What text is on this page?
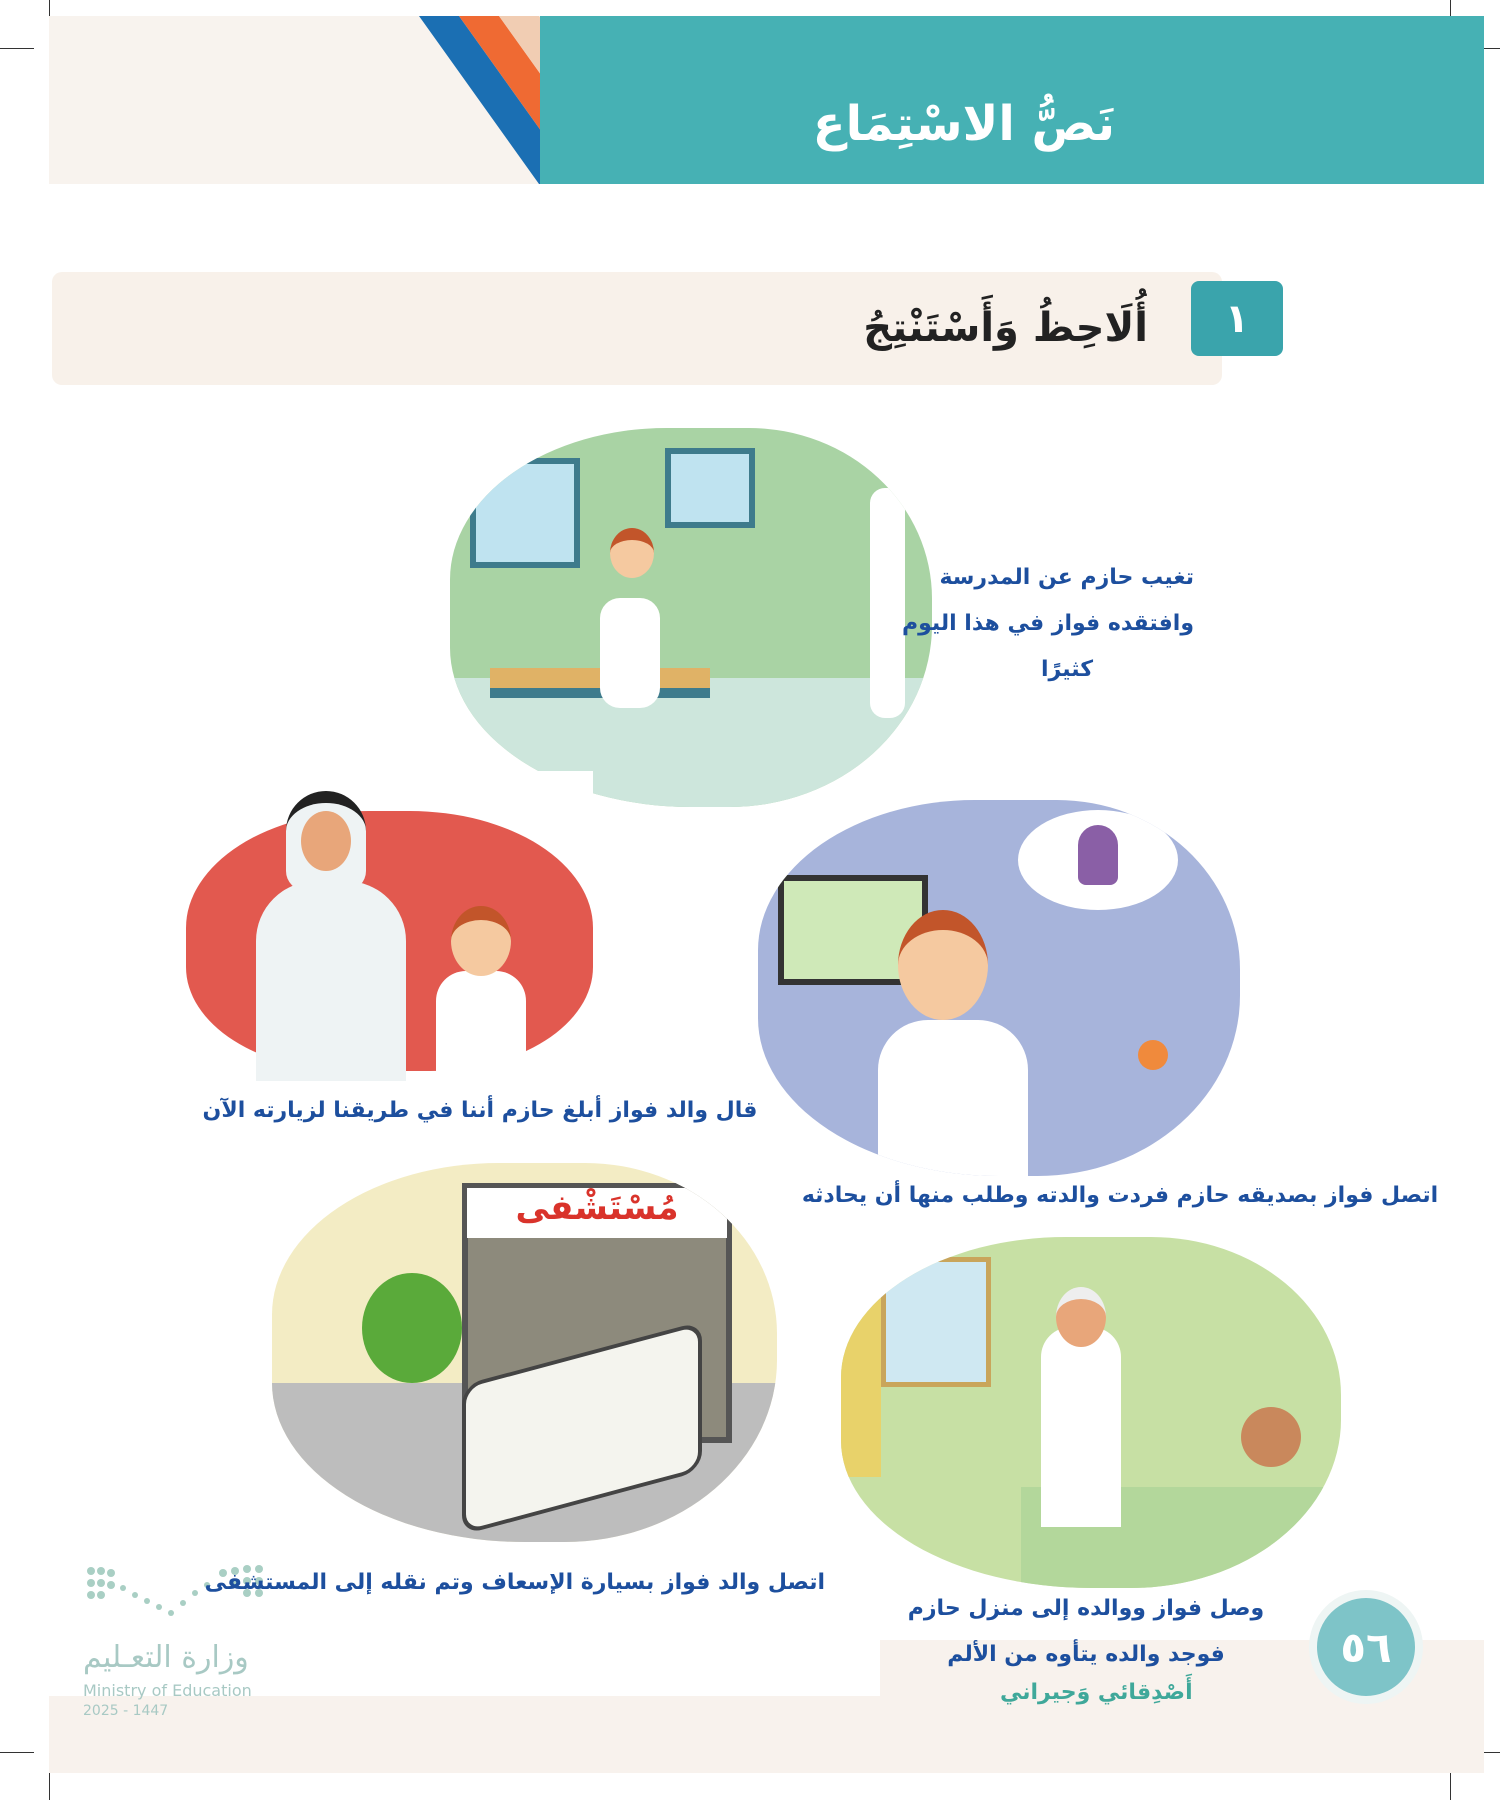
نَصُّ الاسْتِمَاع
١
أُلَاحِظُ وَأَسْتَنْتِجُ
تغيب حازم عن المدرسة
وافتقده فواز في هذا اليوم
كثيرًا
قال والد فواز أبلغ حازم أننا في طريقنا لزيارته الآن
اتصل فواز بصديقه حازم فردت والدته وطلب منها أن يحادثه
مُسْتَشْفى
اتصل والد فواز بسيارة الإسعاف وتم نقله إلى المستشفى
وصل فواز ووالده إلى منزل حازم
فوجد والده يتأوه من الألم
أَصْدِقائي وَجيراني
٥٦
وزارة التعـليم
Ministry of Education
2025 - 1447
